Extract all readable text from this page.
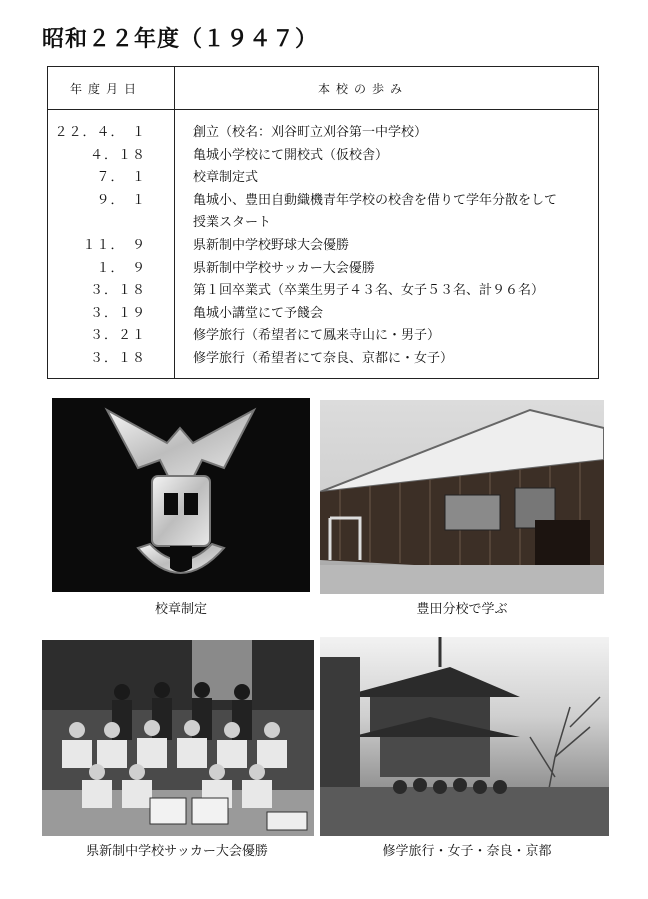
昭和２２年度（１９４７）
年度月日	本校の歩み
２２．４．　１	創立（校名：刈谷町立刈谷第一中学校）
４．１８	亀城小学校にて開校式（仮校舎）
７．　１	校章制定式
９．　１	亀城小、豊田自動織機青年学校の校舎を借りて学年分散をして
授業スタート
１１．　９	県新制中学校野球大会優勝
１．　９	県新制中学校サッカー大会優勝
３．１８	第１回卒業式（卒業生男子４３名、女子５３名、計９６名）
３．１９	亀城小講堂にて予餞会
３．２１	修学旅行（希望者にて鳳来寺山に・男子）
３．１８	修学旅行（希望者にて奈良、京都に・女子）
校章制定	豊田分校で学ぶ
県新制中学校サッカー大会優勝	修学旅行・女子・奈良・京都
